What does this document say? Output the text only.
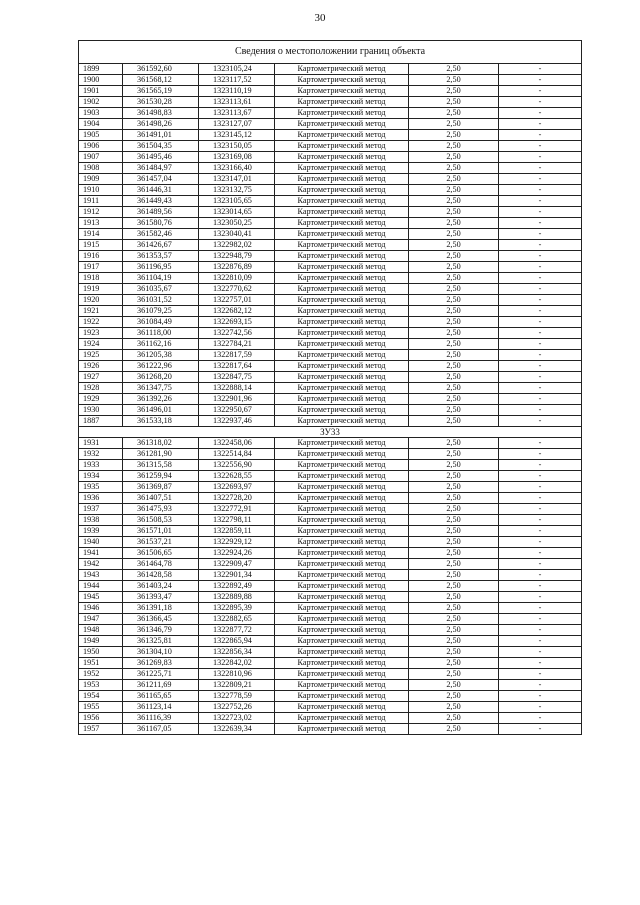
30
Сведения о местоположении границ объекта					
1899	361592,60	1323105,24	Картометрический метод	2,50	-
1900	361568,12	1323117,52	Картометрический метод	2,50	-
1901	361565,19	1323110,19	Картометрический метод	2,50	-
1902	361530,28	1323113,61	Картометрический метод	2,50	-
1903	361498,83	1323113,67	Картометрический метод	2,50	-
1904	361498,26	1323127,07	Картометрический метод	2,50	-
1905	361491,01	1323145,12	Картометрический метод	2,50	-
1906	361504,35	1323150,05	Картометрический метод	2,50	-
1907	361495,46	1323169,08	Картометрический метод	2,50	-
1908	361484,97	1323166,40	Картометрический метод	2,50	-
1909	361457,04	1323147,01	Картометрический метод	2,50	-
1910	361446,31	1323132,75	Картометрический метод	2,50	-
1911	361449,43	1323105,65	Картометрический метод	2,50	-
1912	361489,56	1323014,65	Картометрический метод	2,50	-
1913	361580,76	1323050,25	Картометрический метод	2,50	-
1914	361582,46	1323040,41	Картометрический метод	2,50	-
1915	361426,67	1322982,02	Картометрический метод	2,50	-
1916	361353,57	1322948,79	Картометрический метод	2,50	-
1917	361196,95	1322876,89	Картометрический метод	2,50	-
1918	361104,19	1322810,09	Картометрический метод	2,50	-
1919	361035,67	1322770,62	Картометрический метод	2,50	-
1920	361031,52	1322757,01	Картометрический метод	2,50	-
1921	361079,25	1322682,12	Картометрический метод	2,50	-
1922	361084,49	1322693,15	Картометрический метод	2,50	-
1923	361118,00	1322742,56	Картометрический метод	2,50	-
1924	361162,16	1322784,21	Картометрический метод	2,50	-
1925	361205,38	1322817,59	Картометрический метод	2,50	-
1926	361222,96	1322817,64	Картометрический метод	2,50	-
1927	361268,20	1322847,75	Картометрический метод	2,50	-
1928	361347,75	1322888,14	Картометрический метод	2,50	-
1929	361392,26	1322901,96	Картометрический метод	2,50	-
1930	361496,01	1322950,67	Картометрический метод	2,50	-
1887	361533,18	1322937,46	Картометрический метод	2,50	-
ЗУ33					
1931	361318,02	1322458,06	Картометрический метод	2,50	-
1932	361281,90	1322514,84	Картометрический метод	2,50	-
1933	361315,58	1322556,90	Картометрический метод	2,50	-
1934	361259,94	1322628,55	Картометрический метод	2,50	-
1935	361369,87	1322693,97	Картометрический метод	2,50	-
1936	361407,51	1322728,20	Картометрический метод	2,50	-
1937	361475,93	1322772,91	Картометрический метод	2,50	-
1938	361508,53	1322798,11	Картометрический метод	2,50	-
1939	361571,01	1322859,11	Картометрический метод	2,50	-
1940	361537,21	1322929,12	Картометрический метод	2,50	-
1941	361506,65	1322924,26	Картометрический метод	2,50	-
1942	361464,78	1322909,47	Картометрический метод	2,50	-
1943	361428,58	1322901,34	Картометрический метод	2,50	-
1944	361403,24	1322892,49	Картометрический метод	2,50	-
1945	361393,47	1322889,88	Картометрический метод	2,50	-
1946	361391,18	1322895,39	Картометрический метод	2,50	-
1947	361366,45	1322882,65	Картометрический метод	2,50	-
1948	361346,79	1322877,72	Картометрический метод	2,50	-
1949	361325,81	1322865,94	Картометрический метод	2,50	-
1950	361304,10	1322856,34	Картометрический метод	2,50	-
1951	361269,83	1322842,02	Картометрический метод	2,50	-
1952	361225,71	1322810,96	Картометрический метод	2,50	-
1953	361211,69	1322809,21	Картометрический метод	2,50	-
1954	361165,65	1322778,59	Картометрический метод	2,50	-
1955	361123,14	1322752,26	Картометрический метод	2,50	-
1956	361116,39	1322723,02	Картометрический метод	2,50	-
1957	361167,05	1322639,34	Картометрический метод	2,50	-
